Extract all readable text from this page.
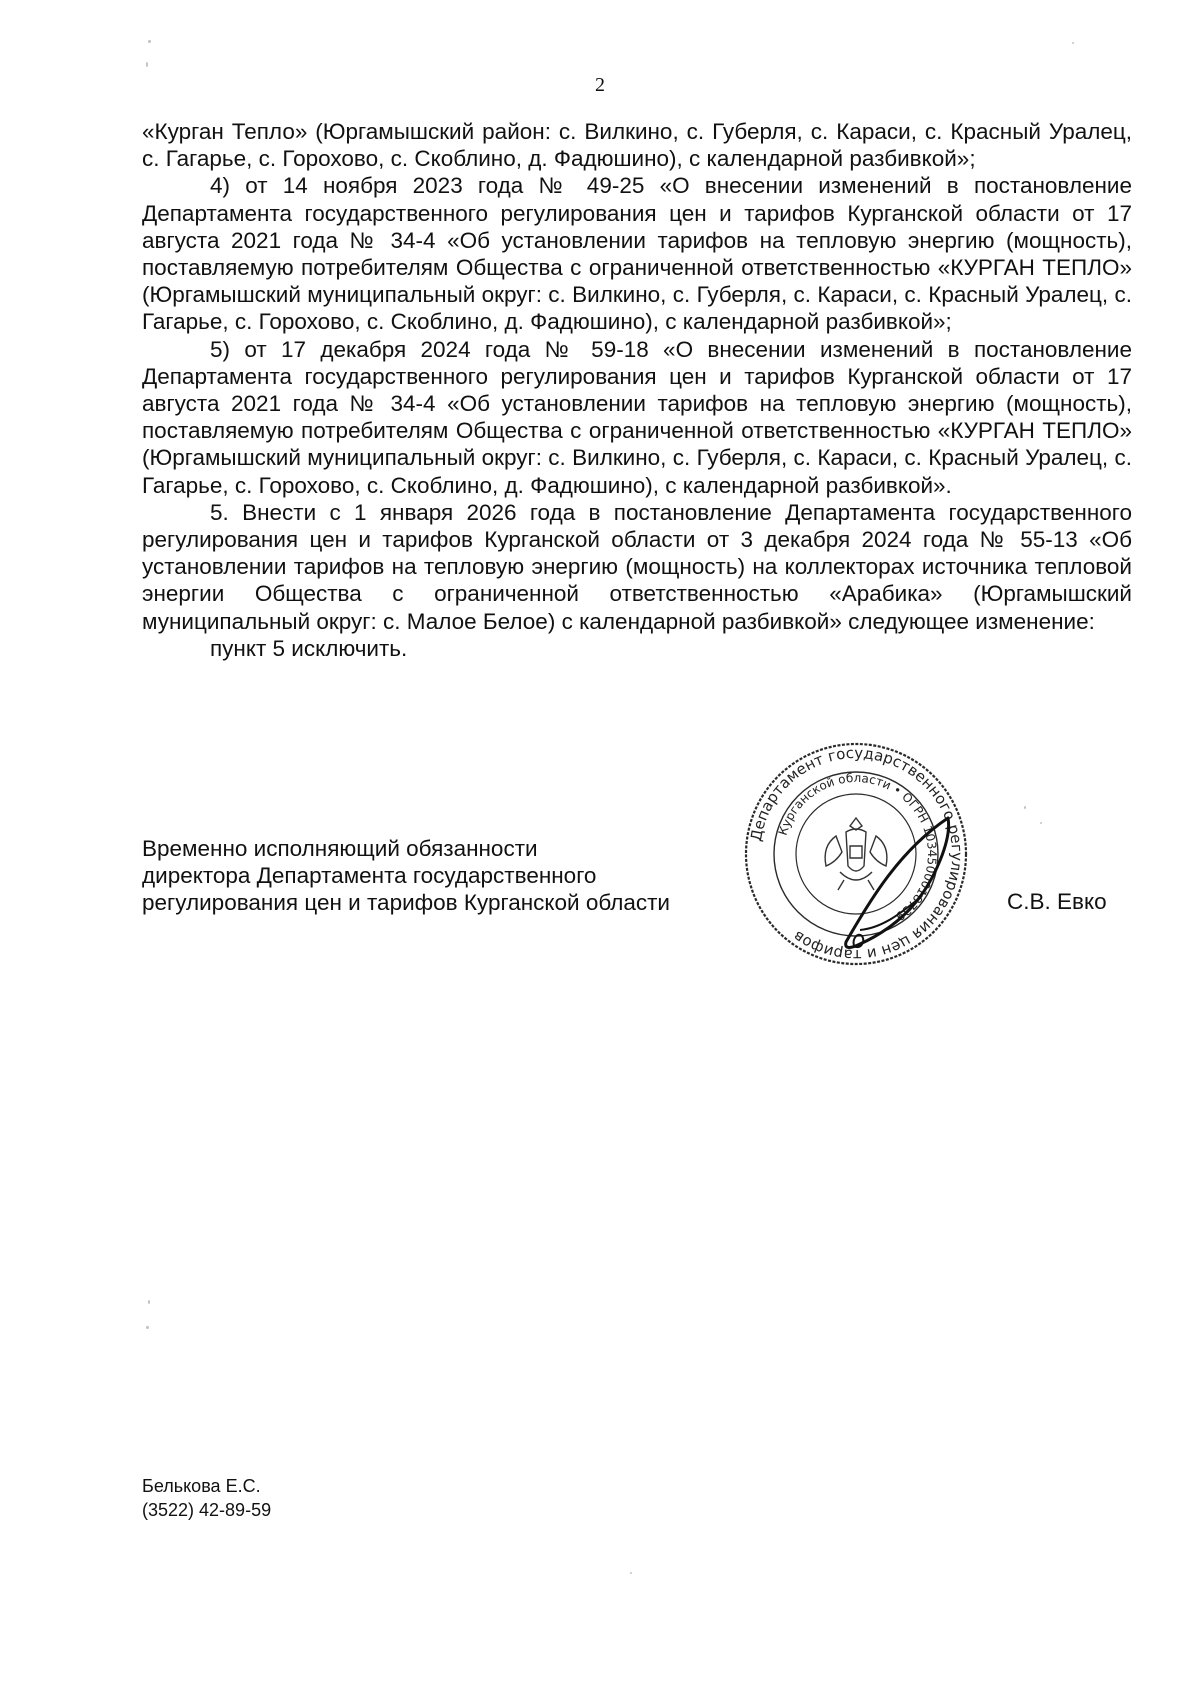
2

«Курган Тепло» (Юргамышский район: с. Вилкино, с. Губерля, с. Караси, с. Красный Уралец, с. Гагарье, с. Горохово, с. Скоблино, д. Фадюшино), с календарной разбивкой»;

4) от 14 ноября 2023 года № 49-25 «О внесении изменений в постановление Департамента государственного регулирования цен и тарифов Курганской области от 17 августа 2021 года № 34-4 «Об установлении тарифов на тепловую энергию (мощность), поставляемую потребителям Общества с ограниченной ответственностью «КУРГАН ТЕПЛО» (Юргамышский муниципальный округ: с. Вилкино, с. Губерля, с. Караси, с. Красный Уралец, с. Гагарье, с. Горохово, с. Скоблино, д. Фадюшино), с календарной разбивкой»;

5) от 17 декабря 2024 года № 59-18 «О внесении изменений в постановление Департамента государственного регулирования цен и тарифов Курганской области от 17 августа 2021 года № 34-4 «Об установлении тарифов на тепловую энергию (мощность), поставляемую потребителям Общества с ограниченной ответственностью «КУРГАН ТЕПЛО» (Юргамышский муниципальный округ: с. Вилкино, с. Губерля, с. Караси, с. Красный Уралец, с. Гагарье, с. Горохово, с. Скоблино, д. Фадюшино), с календарной разбивкой».

5. Внести с 1 января 2026 года в постановление Департамента государственного регулирования цен и тарифов Курганской области от 3 декабря 2024 года № 55-13 «Об установлении тарифов на тепловую энергию (мощность) на коллекторах источника тепловой энергии Общества с ограниченной ответственностью «Арабика» (Юргамышский муниципальный округ: с. Малое Белое) с календарной разбивкой» следующее изменение:

пункт 5 исключить.

Временно исполняющий обязанности
директора Департамента государственного
регулирования цен и тарифов Курганской области
Департамент государственного регулирования цен и тарифов
Курганской области • ОГРН 1034500018739
С.В. Евко
Белькова Е.С.
(3522) 42-89-59
